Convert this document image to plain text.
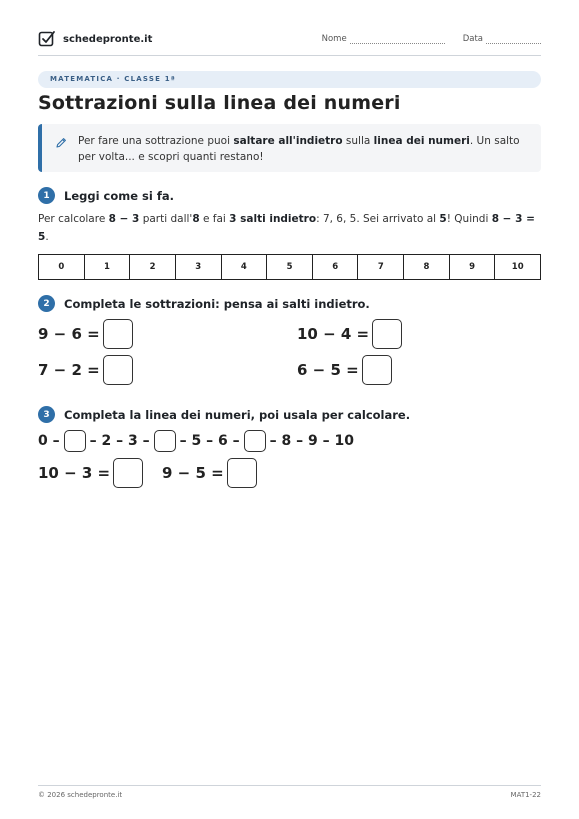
schedepronte.it	Nome	Data
MATEMATICA · CLASSE 1ª
Sottrazioni sulla linea dei numeri
Per fare una sottrazione puoi saltare all'indietro sulla linea dei numeri. Un salto per volta... e scopri quanti restano!
1	Leggi come si fa.
Per calcolare 8 − 3 parti dall'8 e fai 3 salti indietro: 7, 6, 5. Sei arrivato al 5! Quindi 8 − 3 = 5.
0	1	2	3	4	5	6	7	8	9	10
2	Completa le sottrazioni: pensa ai salti indietro.
9 − 6 =	10 − 4 =
7 − 2 =	6 − 5 =
3	Completa la linea dei numeri, poi usala per calcolare.
0 – – 2 – 3 – – 5 – 6 – – 8 – 9 – 10
10 − 3 =	9 − 5 =
© 2026 schedepronte.it	MAT1-22
